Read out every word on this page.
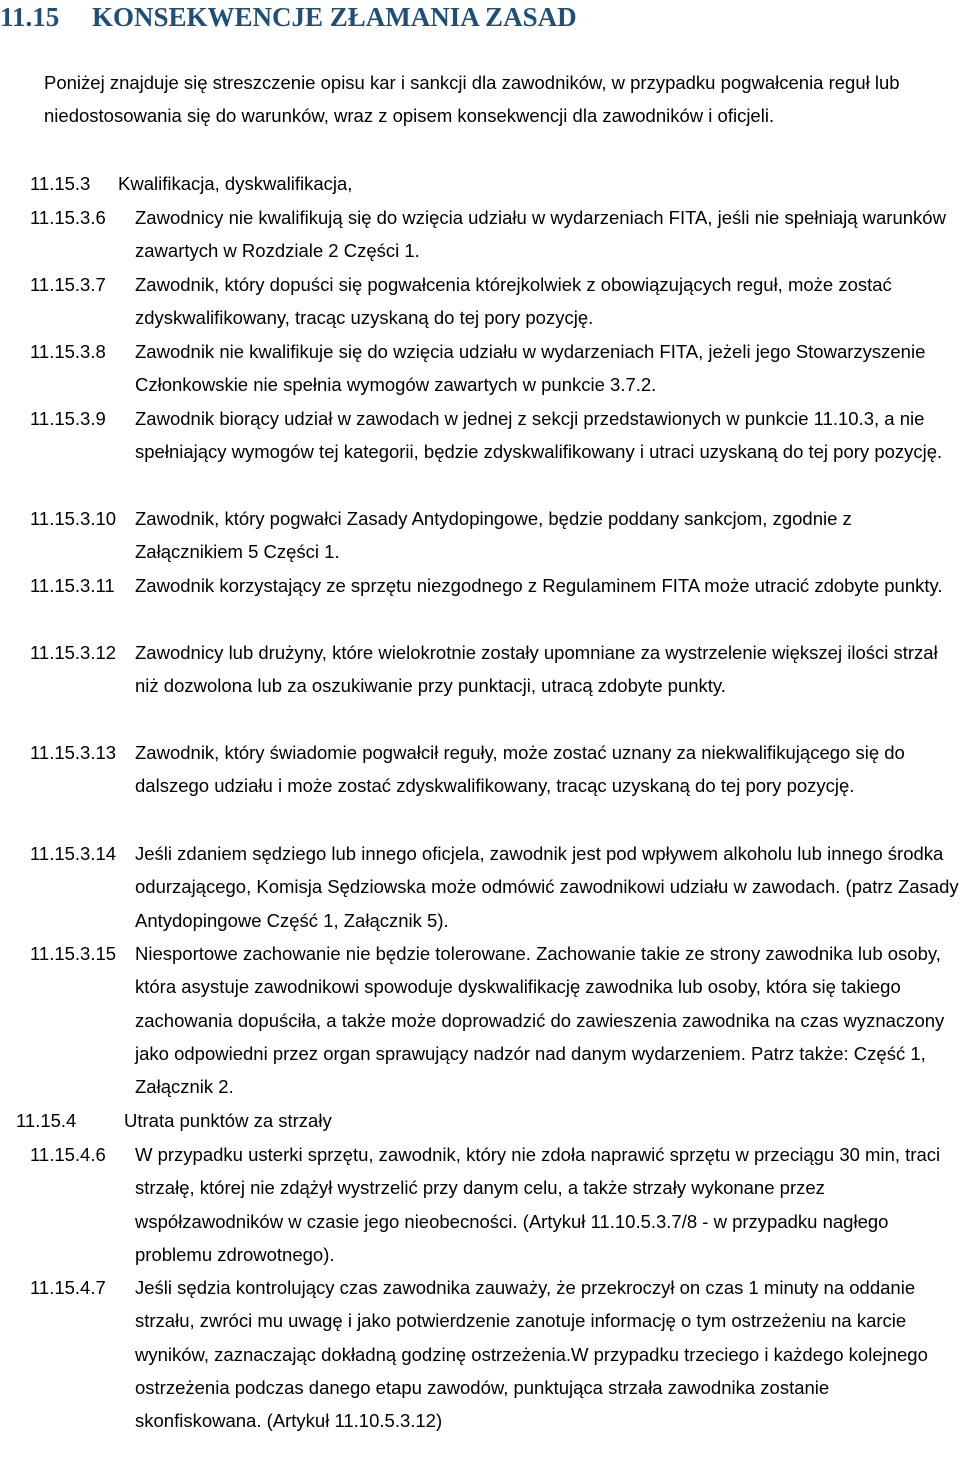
11.15 KONSEKWENCJE ZŁAMANIA ZASAD

Poniżej znajduje się streszczenie opisu kar i sankcji dla zawodników, w przypadku pogwałcenia reguł lub niedostosowania się do warunków, wraz z opisem konsekwencji dla zawodników i oficjeli.

11.15.3 Kwalifikacja, dyskwalifikacja,
11.15.3.6 Zawodnicy nie kwalifikują się do wzięcia udziału w wydarzeniach FITA, jeśli nie spełniają warunków zawartych w Rozdziale 2 Części 1.
11.15.3.7 Zawodnik, który dopuści się pogwałcenia którejkolwiek z obowiązujących reguł, może zostać zdyskwalifikowany, tracąc uzyskaną do tej pory pozycję.
11.15.3.8 Zawodnik nie kwalifikuje się do wzięcia udziału w wydarzeniach FITA, jeżeli jego Stowarzyszenie Członkowskie nie spełnia wymogów zawartych w punkcie 3.7.2.
11.15.3.9 Zawodnik biorący udział w zawodach w jednej z sekcji przedstawionych w punkcie 11.10.3, a nie spełniający wymogów tej kategorii, będzie zdyskwalifikowany i utraci uzyskaną do tej pory pozycję.
11.15.3.10 Zawodnik, który pogwałci Zasady Antydopingowe, będzie poddany sankcjom, zgodnie z Załącznikiem 5 Części 1.
11.15.3.11 Zawodnik korzystający ze sprzętu niezgodnego z Regulaminem FITA może utracić zdobyte punkty.
11.15.3.12 Zawodnicy lub drużyny, które wielokrotnie zostały upomniane za wystrzelenie większej ilości strzał niż dozwolona lub za oszukiwanie przy punktacji, utracą zdobyte punkty.
11.15.3.13 Zawodnik, który świadomie pogwałcił reguły, może zostać uznany za niekwalifikującego się do dalszego udziału i może zostać zdyskwalifikowany, tracąc uzyskaną do tej pory pozycję.
11.15.3.14 Jeśli zdaniem sędziego lub innego oficjela, zawodnik jest pod wpływem alkoholu lub innego środka odurzającego, Komisja Sędziowska może odmówić zawodnikowi udziału w zawodach. (patrz Zasady Antydopingowe Część 1, Załącznik 5).
11.15.3.15 Niesportowe zachowanie nie będzie tolerowane. Zachowanie takie ze strony zawodnika lub osoby, która asystuje zawodnikowi spowoduje dyskwalifikację zawodnika lub osoby, która się takiego zachowania dopuściła, a także może doprowadzić do zawieszenia zawodnika na czas wyznaczony jako odpowiedni przez organ sprawujący nadzór nad danym wydarzeniem. Patrz także: Część 1, Załącznik 2.
11.15.4	Utrata punktów za strzały
11.15.4.6 W przypadku usterki sprzętu, zawodnik, który nie zdoła naprawić sprzętu w przeciągu 30 min, traci strzałę, której nie zdążył wystrzelić przy danym celu, a także strzały wykonane przez współzawodników w czasie jego nieobecności. (Artykuł 11.10.5.3.7/8 - w przypadku nagłego problemu zdrowotnego).
11.15.4.7 Jeśli sędzia kontrolujący czas zawodnika zauważy, że przekroczył on czas 1 minuty na oddanie strzału, zwróci mu uwagę i jako potwierdzenie zanotuje informację o tym ostrzeżeniu na karcie wyników, zaznaczając dokładną godzinę ostrzeżenia.W przypadku trzeciego i każdego kolejnego ostrzeżenia podczas danego etapu zawodów, punktująca strzała zawodnika zostanie skonfiskowana. (Artykuł 11.10.5.3.12)
